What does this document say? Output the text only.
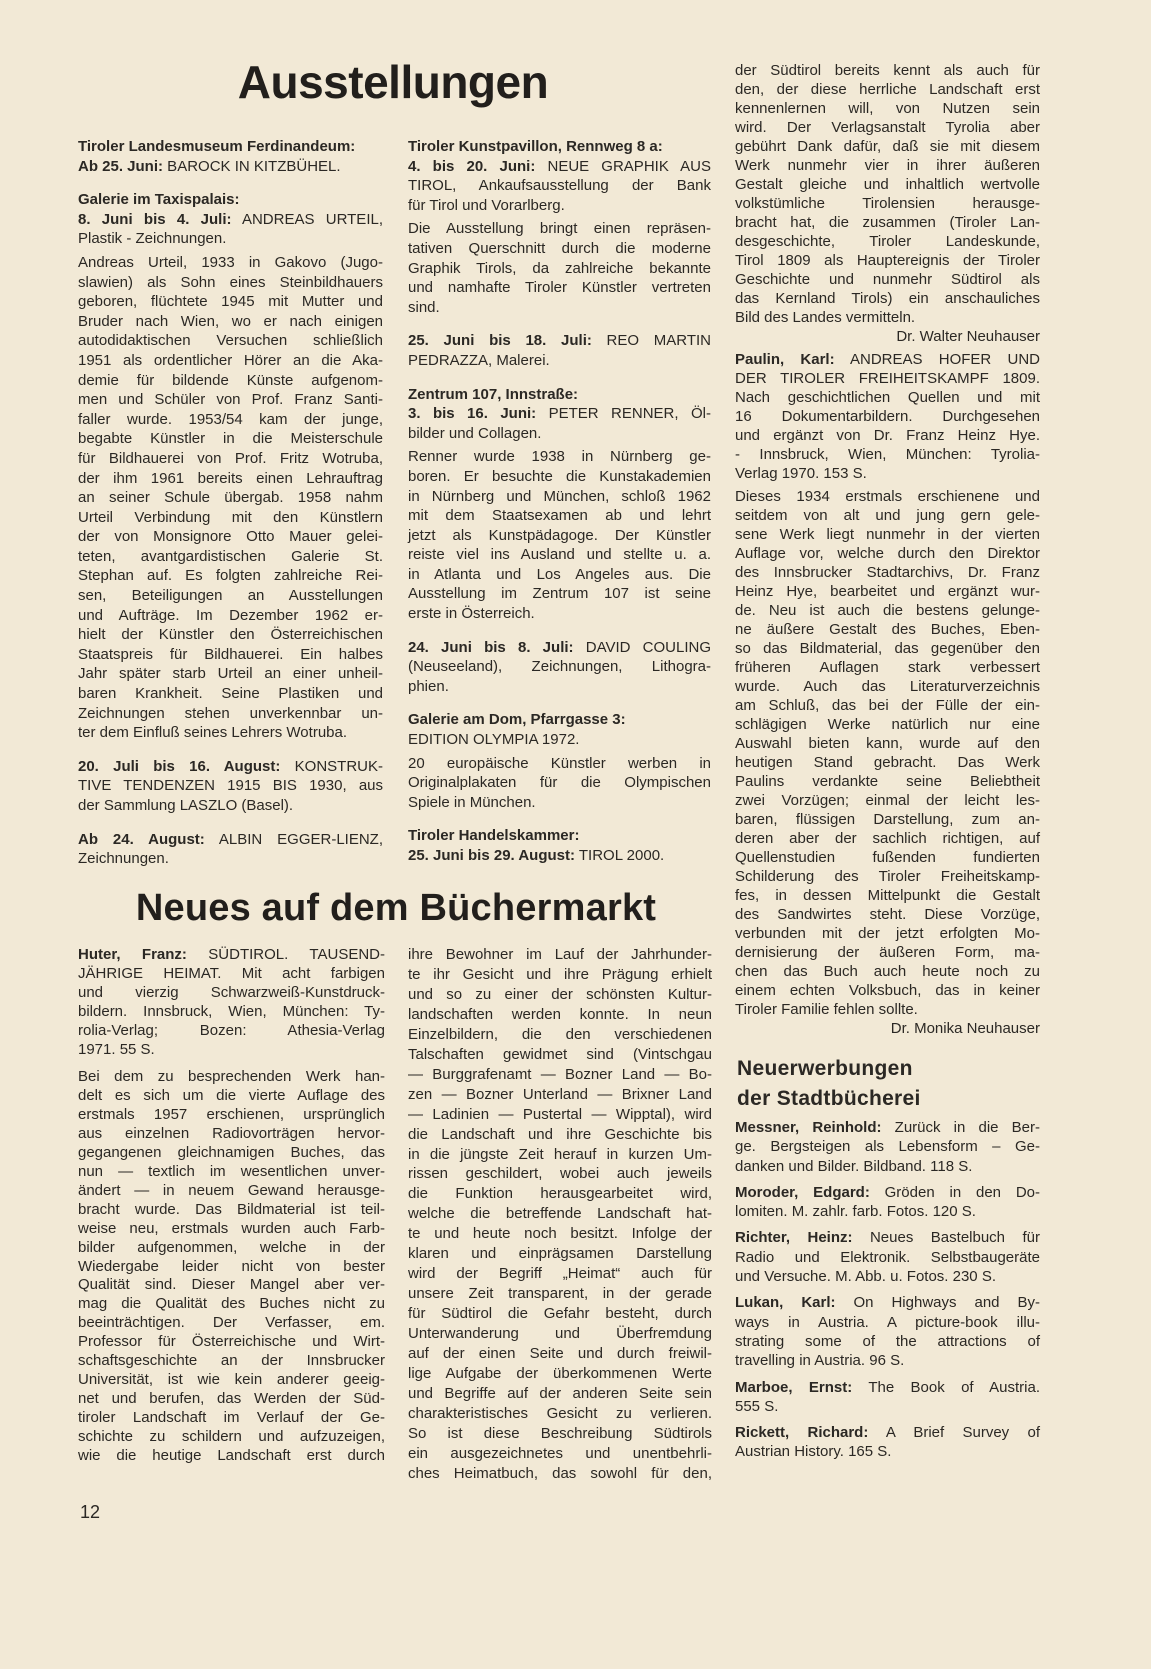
Ausstellungen
Neues auf dem Büchermarkt
Tiroler Landesmuseum Ferdinandeum:
Ab 25. Juni: BAROCK IN KITZBÜHEL.
Galerie im Taxispalais:
8. Juni bis 4. Juli: ANDREAS URTEIL,
Plastik - Zeichnungen.
Andreas Urteil, 1933 in Gakovo (Jugo-
slawien) als Sohn eines Steinbildhauers
geboren, flüchtete 1945 mit Mutter und
Bruder nach Wien, wo er nach einigen
autodidaktischen Versuchen schließlich
1951 als ordentlicher Hörer an die Aka-
demie für bildende Künste aufgenom-
men und Schüler von Prof. Franz Santi-
faller wurde. 1953/54 kam der junge,
begabte Künstler in die Meisterschule
für Bildhauerei von Prof. Fritz Wotruba,
der ihm 1961 bereits einen Lehrauftrag
an seiner Schule übergab. 1958 nahm
Urteil Verbindung mit den Künstlern
der von Monsignore Otto Mauer gelei-
teten, avantgardistischen Galerie St.
Stephan auf. Es folgten zahlreiche Rei-
sen, Beteiligungen an Ausstellungen
und Aufträge. Im Dezember 1962 er-
hielt der Künstler den Österreichischen
Staatspreis für Bildhauerei. Ein halbes
Jahr später starb Urteil an einer unheil-
baren Krankheit. Seine Plastiken und
Zeichnungen stehen unverkennbar un-
ter dem Einfluß seines Lehrers Wotruba.
20. Juli bis 16. August: KONSTRUK-
TIVE TENDENZEN 1915 BIS 1930, aus
der Sammlung LASZLO (Basel).
Ab 24. August: ALBIN EGGER-LIENZ,
Zeichnungen.
Tiroler Kunstpavillon, Rennweg 8 a:
4. bis 20. Juni: NEUE GRAPHIK AUS
TIROL, Ankaufsausstellung der Bank
für Tirol und Vorarlberg.
Die Ausstellung bringt einen repräsen-
tativen Querschnitt durch die moderne
Graphik Tirols, da zahlreiche bekannte
und namhafte Tiroler Künstler vertreten
sind.
25. Juni bis 18. Juli: REO MARTIN
PEDRAZZA, Malerei.
Zentrum 107, Innstraße:
3. bis 16. Juni: PETER RENNER, Öl-
bilder und Collagen.
Renner wurde 1938 in Nürnberg ge-
boren. Er besuchte die Kunstakademien
in Nürnberg und München, schloß 1962
mit dem Staatsexamen ab und lehrt
jetzt als Kunstpädagoge. Der Künstler
reiste viel ins Ausland und stellte u. a.
in Atlanta und Los Angeles aus. Die
Ausstellung im Zentrum 107 ist seine
erste in Österreich.
24. Juni bis 8. Juli: DAVID COULING
(Neuseeland), Zeichnungen, Lithogra-
phien.
Galerie am Dom, Pfarrgasse 3:
EDITION OLYMPIA 1972.
20 europäische Künstler werben in
Originalplakaten für die Olympischen
Spiele in München.
Tiroler Handelskammer:
25. Juni bis 29. August: TIROL 2000.
der Südtirol bereits kennt als auch für
den, der diese herrliche Landschaft erst
kennenlernen will, von Nutzen sein
wird. Der Verlagsanstalt Tyrolia aber
gebührt Dank dafür, daß sie mit diesem
Werk nunmehr vier in ihrer äußeren
Gestalt gleiche und inhaltlich wertvolle
volkstümliche Tirolensien herausge-
bracht hat, die zusammen (Tiroler Lan-
desgeschichte, Tiroler Landeskunde,
Tirol 1809 als Hauptereignis der Tiroler
Geschichte und nunmehr Südtirol als
das Kernland Tirols) ein anschauliches
Bild des Landes vermitteln.
Dr. Walter Neuhauser
Paulin, Karl: ANDREAS HOFER UND
DER TIROLER FREIHEITSKAMPF 1809.
Nach geschichtlichen Quellen und mit
16 Dokumentarbildern. Durchgesehen
und ergänzt von Dr. Franz Heinz Hye.
- Innsbruck, Wien, München: Tyrolia-
Verlag 1970. 153 S.
Dieses 1934 erstmals erschienene und
seitdem von alt und jung gern gele-
sene Werk liegt nunmehr in der vierten
Auflage vor, welche durch den Direktor
des Innsbrucker Stadtarchivs, Dr. Franz
Heinz Hye, bearbeitet und ergänzt wur-
de. Neu ist auch die bestens gelunge-
ne äußere Gestalt des Buches, Eben-
so das Bildmaterial, das gegenüber den
früheren Auflagen stark verbessert
wurde. Auch das Literaturverzeichnis
am Schluß, das bei der Fülle der ein-
schlägigen Werke natürlich nur eine
Auswahl bieten kann, wurde auf den
heutigen Stand gebracht. Das Werk
Paulins verdankte seine Beliebtheit
zwei Vorzügen; einmal der leicht les-
baren, flüssigen Darstellung, zum an-
deren aber der sachlich richtigen, auf
Quellenstudien fußenden fundierten
Schilderung des Tiroler Freiheitskamp-
fes, in dessen Mittelpunkt die Gestalt
des Sandwirtes steht. Diese Vorzüge,
verbunden mit der jetzt erfolgten Mo-
dernisierung der äußeren Form, ma-
chen das Buch auch heute noch zu
einem echten Volksbuch, das in keiner
Tiroler Familie fehlen sollte.
Dr. Monika Neuhauser
Neuerwerbungen
der Stadtbücherei
Messner, Reinhold: Zurück in die Ber-
ge. Bergsteigen als Lebensform – Ge-
danken und Bilder. Bildband. 118 S.
Moroder, Edgard: Gröden in den Do-
lomiten. M. zahlr. farb. Fotos. 120 S.
Richter, Heinz: Neues Bastelbuch für
Radio und Elektronik. Selbstbaugeräte
und Versuche. M. Abb. u. Fotos. 230 S.
Lukan, Karl: On Highways and By-
ways in Austria. A picture-book illu-
strating some of the attractions of
travelling in Austria. 96 S.
Marboe, Ernst: The Book of Austria.
555 S.
Rickett, Richard: A Brief Survey of
Austrian History. 165 S.
Huter, Franz: SÜDTIROL. TAUSEND-
JÄHRIGE HEIMAT. Mit acht farbigen
und vierzig Schwarzweiß-Kunstdruck-
bildern. Innsbruck, Wien, München: Ty-
rolia-Verlag; Bozen: Athesia-Verlag
1971. 55 S.
Bei dem zu besprechenden Werk han-
delt es sich um die vierte Auflage des
erstmals 1957 erschienen, ursprünglich
aus einzelnen Radiovorträgen hervor-
gegangenen gleichnamigen Buches, das
nun — textlich im wesentlichen unver-
ändert — in neuem Gewand herausge-
bracht wurde. Das Bildmaterial ist teil-
weise neu, erstmals wurden auch Farb-
bilder aufgenommen, welche in der
Wiedergabe leider nicht von bester
Qualität sind. Dieser Mangel aber ver-
mag die Qualität des Buches nicht zu
beeinträchtigen. Der Verfasser, em.
Professor für Österreichische und Wirt-
schaftsgeschichte an der Innsbrucker
Universität, ist wie kein anderer geeig-
net und berufen, das Werden der Süd-
tiroler Landschaft im Verlauf der Ge-
schichte zu schildern und aufzuzeigen,
wie die heutige Landschaft erst durch
ihre Bewohner im Lauf der Jahrhunder-
te ihr Gesicht und ihre Prägung erhielt
und so zu einer der schönsten Kultur-
landschaften werden konnte. In neun
Einzelbildern, die den verschiedenen
Talschaften gewidmet sind (Vintschgau
— Burggrafenamt — Bozner Land — Bo-
zen — Bozner Unterland — Brixner Land
— Ladinien — Pustertal — Wipptal), wird
die Landschaft und ihre Geschichte bis
in die jüngste Zeit herauf in kurzen Um-
rissen geschildert, wobei auch jeweils
die Funktion herausgearbeitet wird,
welche die betreffende Landschaft hat-
te und heute noch besitzt. Infolge der
klaren und einprägsamen Darstellung
wird der Begriff „Heimat“ auch für
unsere Zeit transparent, in der gerade
für Südtirol die Gefahr besteht, durch
Unterwanderung und Überfremdung
auf der einen Seite und durch freiwil-
lige Aufgabe der überkommenen Werte
und Begriffe auf der anderen Seite sein
charakteristisches Gesicht zu verlieren.
So ist diese Beschreibung Südtirols
ein ausgezeichnetes und unentbehrli-
ches Heimatbuch, das sowohl für den,
12
